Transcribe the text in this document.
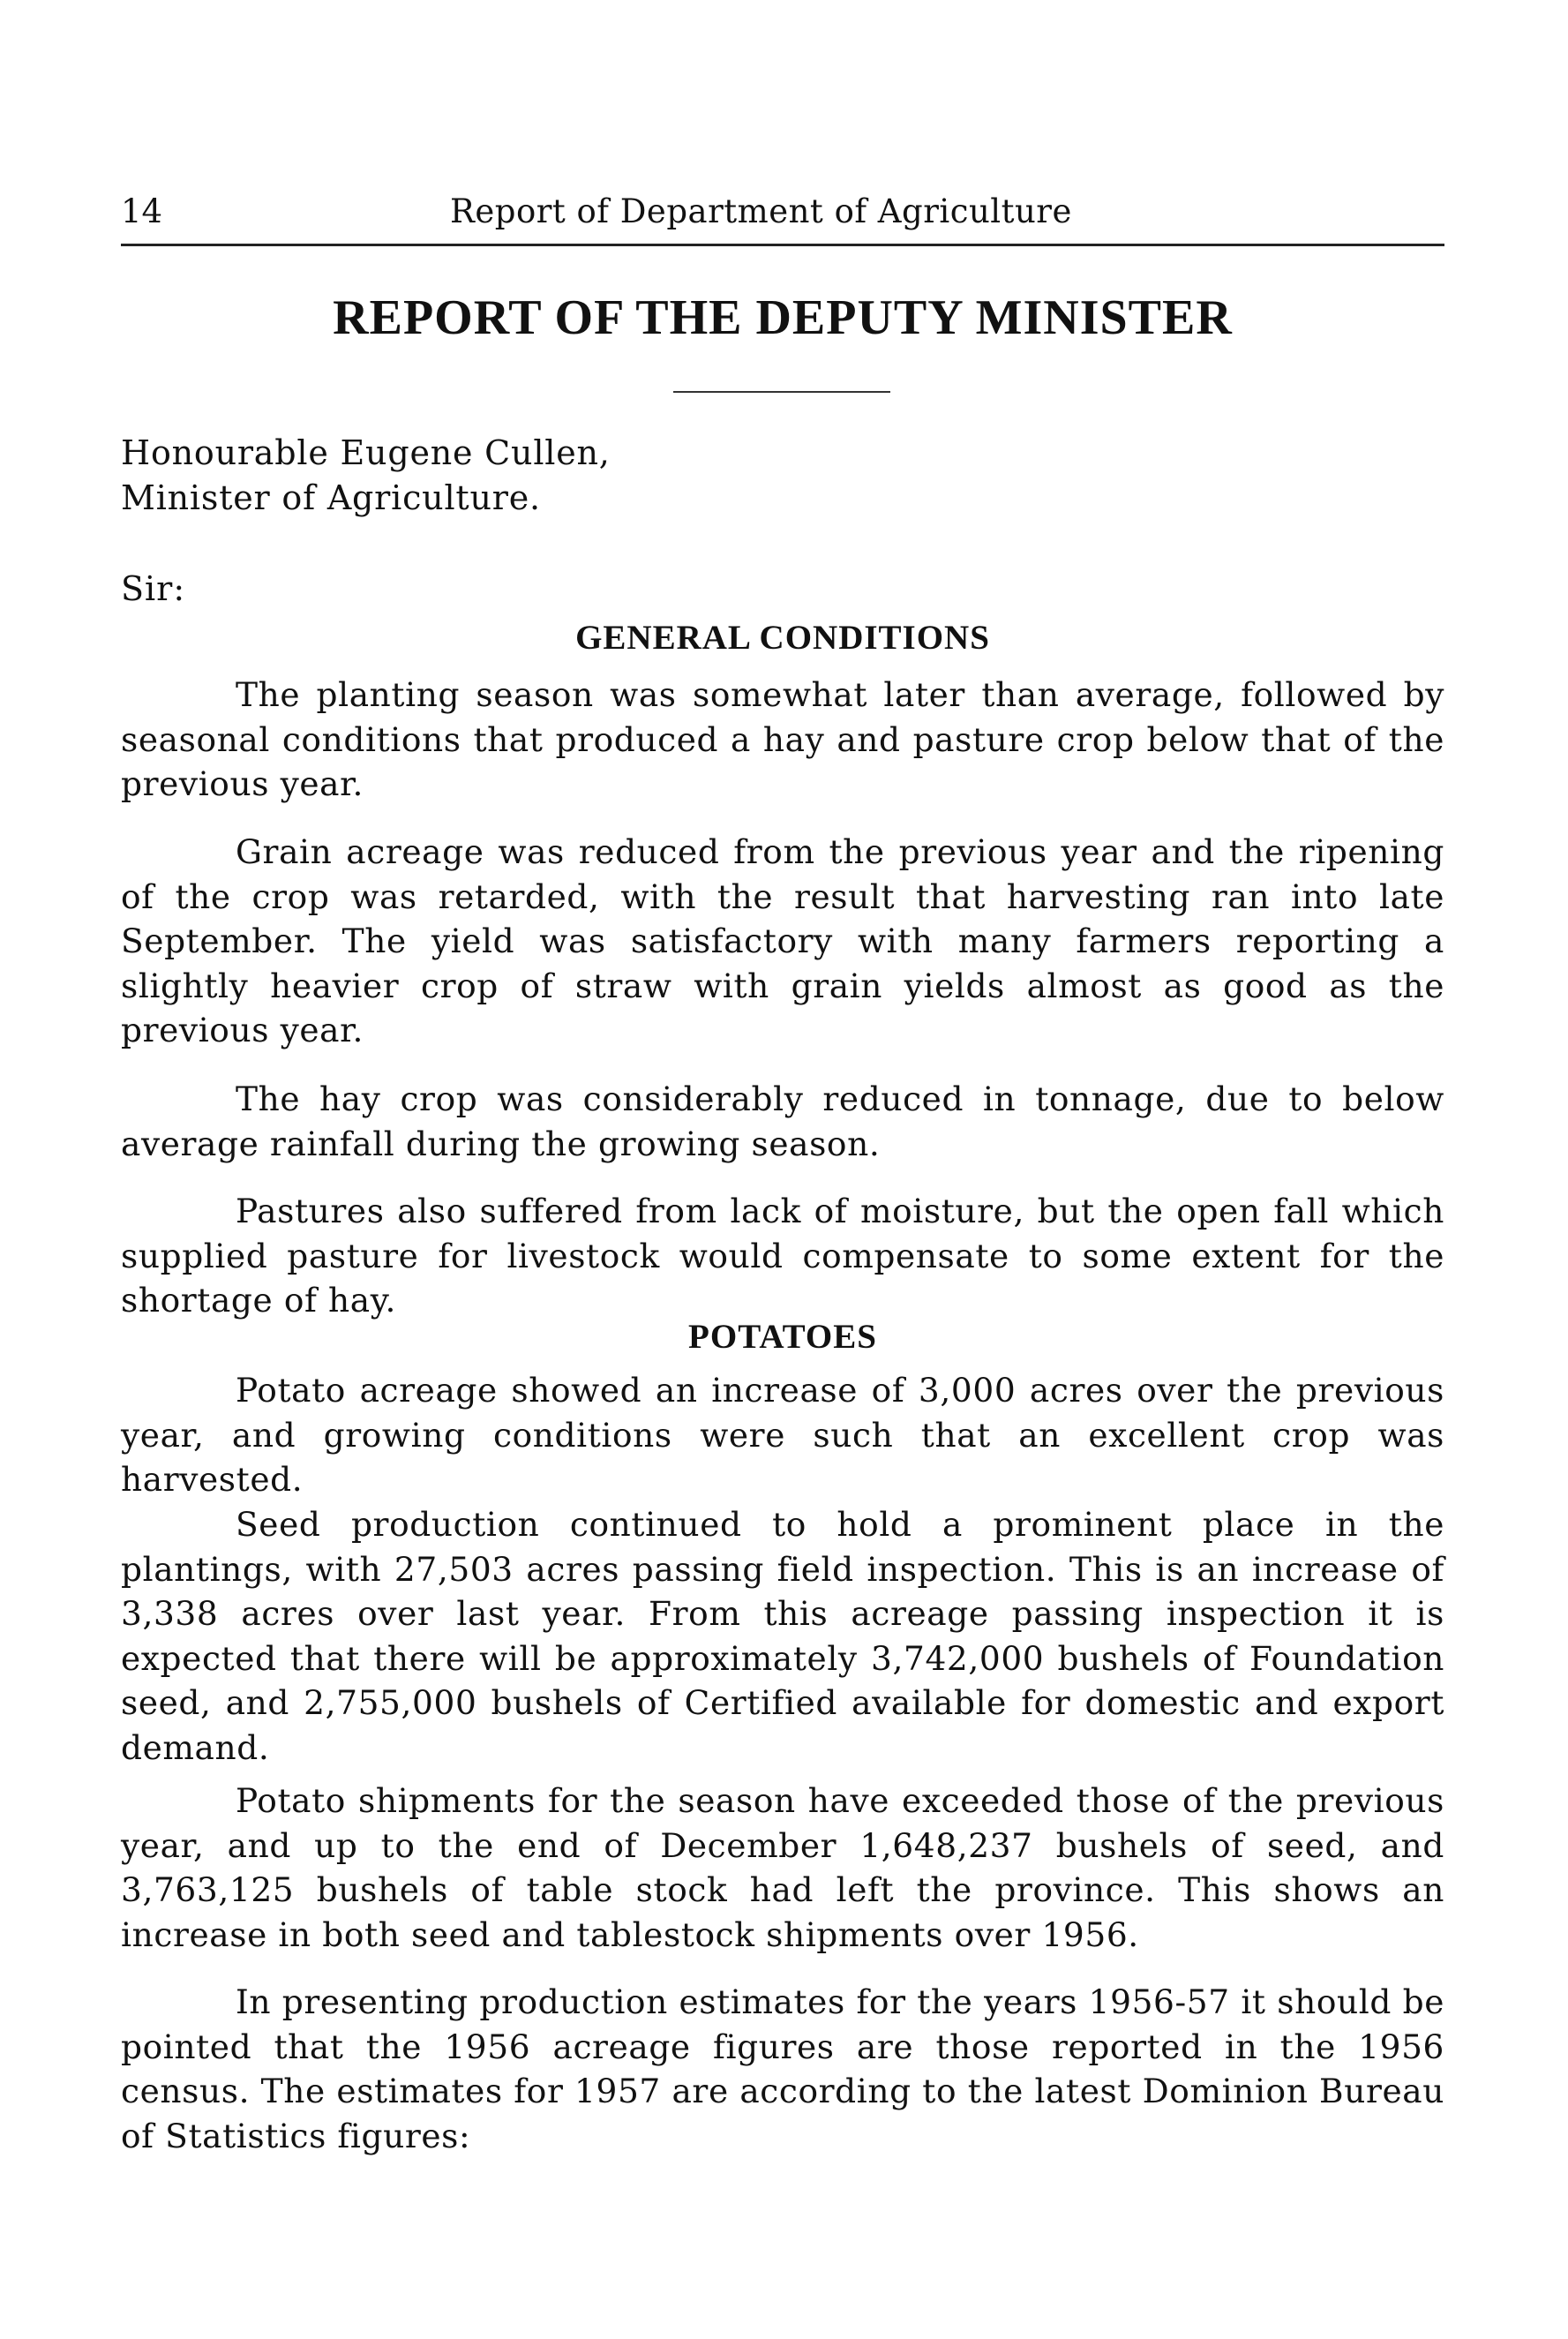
14	Report of Department of Agriculture
REPORT OF THE DEPUTY MINISTER
Honourable Eugene Cullen,
Minister of Agriculture.
Sir:
GENERAL CONDITIONS

The planting season was somewhat later than average, followed by seasonal conditions that produced a hay and pasture crop below that of the previous year.

Grain acreage was reduced from the previous year and the ripening of the crop was retarded, with the result that harvesting ran into late September. The yield was satisfactory with many farmers reporting a slightly heavier crop of straw with grain yields almost as good as the previous year.

The hay crop was considerably reduced in tonnage, due to below average rainfall during the growing season.

Pastures also suffered from lack of moisture, but the open fall which supplied pasture for livestock would compensate to some extent for the shortage of hay.

POTATOES

Potato acreage showed an increase of 3,000 acres over the previous year, and growing conditions were such that an excellent crop was harvested.

Seed production continued to hold a prominent place in the plantings, with 27,503 acres passing field inspection. This is an increase of 3,338 acres over last year. From this acreage passing inspection it is expected that there will be approximately 3,742,000 bushels of Foundation seed, and 2,755,000 bushels of Certified available for domestic and export demand.

Potato shipments for the season have exceeded those of the previous year, and up to the end of December 1,648,237 bushels of seed, and 3,763,125 bushels of table stock had left the province. This shows an increase in both seed and tablestock shipments over 1956.

In presenting production estimates for the years 1956-57 it should be pointed that the 1956 acreage figures are those reported in the 1956 census. The estimates for 1957 are according to the latest Dominion Bureau of Statistics figures:
